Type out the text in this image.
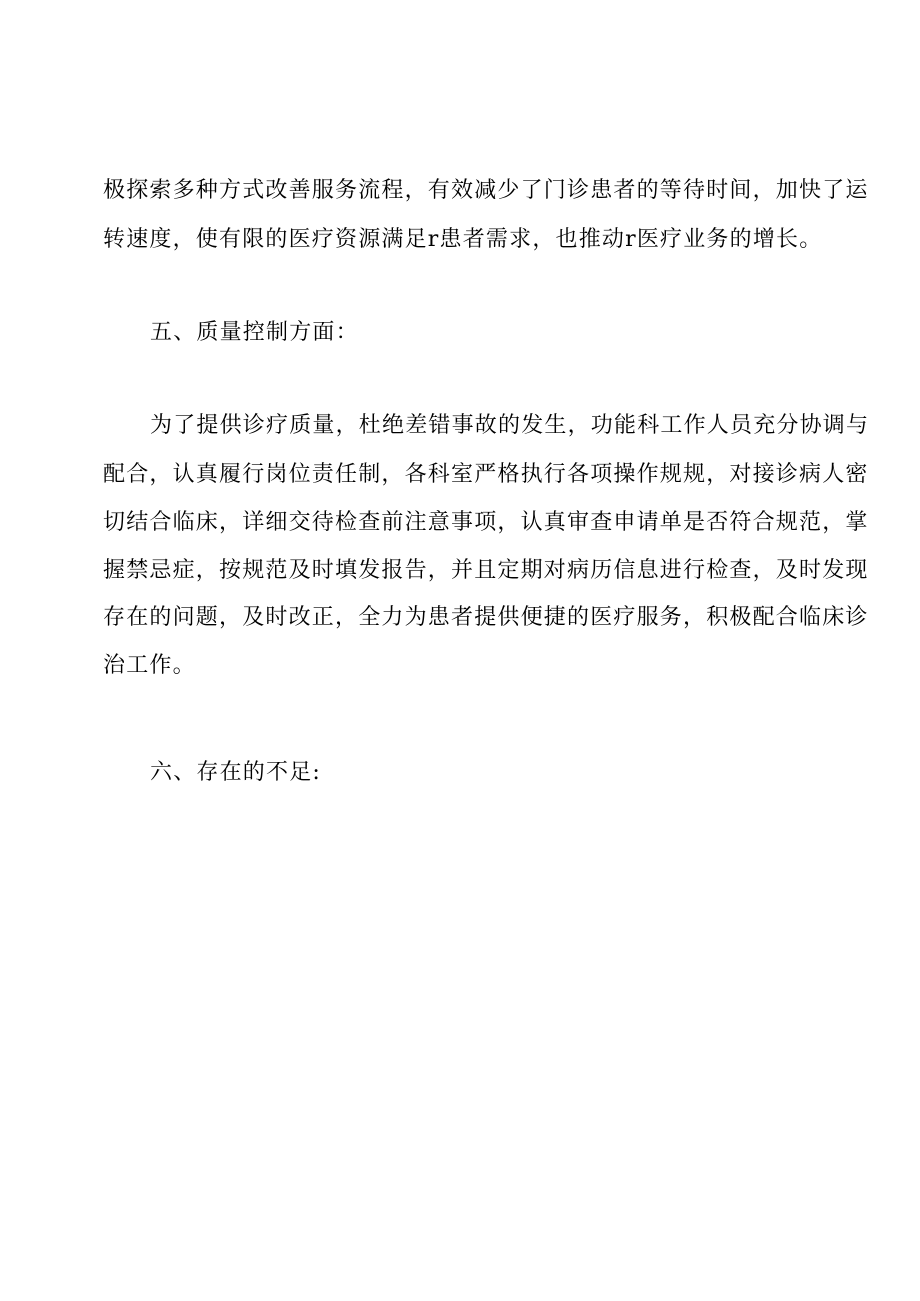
极探索多种方式改善服务流程，有效减少了门诊患者的等待时间，加快了运
转速度，使有限的医疗资源满足r患者需求，也推动r医疗业务的增长。
五、质量控制方面：
为了提供诊疗质量，杜绝差错事故的发生，功能科工作人员充分协调与
配合，认真履行岗位责任制，各科室严格执行各项操作规规，对接诊病人密
切结合临床，详细交待检查前注意事项，认真审查申请单是否符合规范，掌
握禁忌症，按规范及时填发报告，并且定期对病历信息进行检查，及时发现
存在的问题，及时改正，全力为患者提供便捷的医疗服务，积极配合临床诊
治工作。
六、存在的不足:
